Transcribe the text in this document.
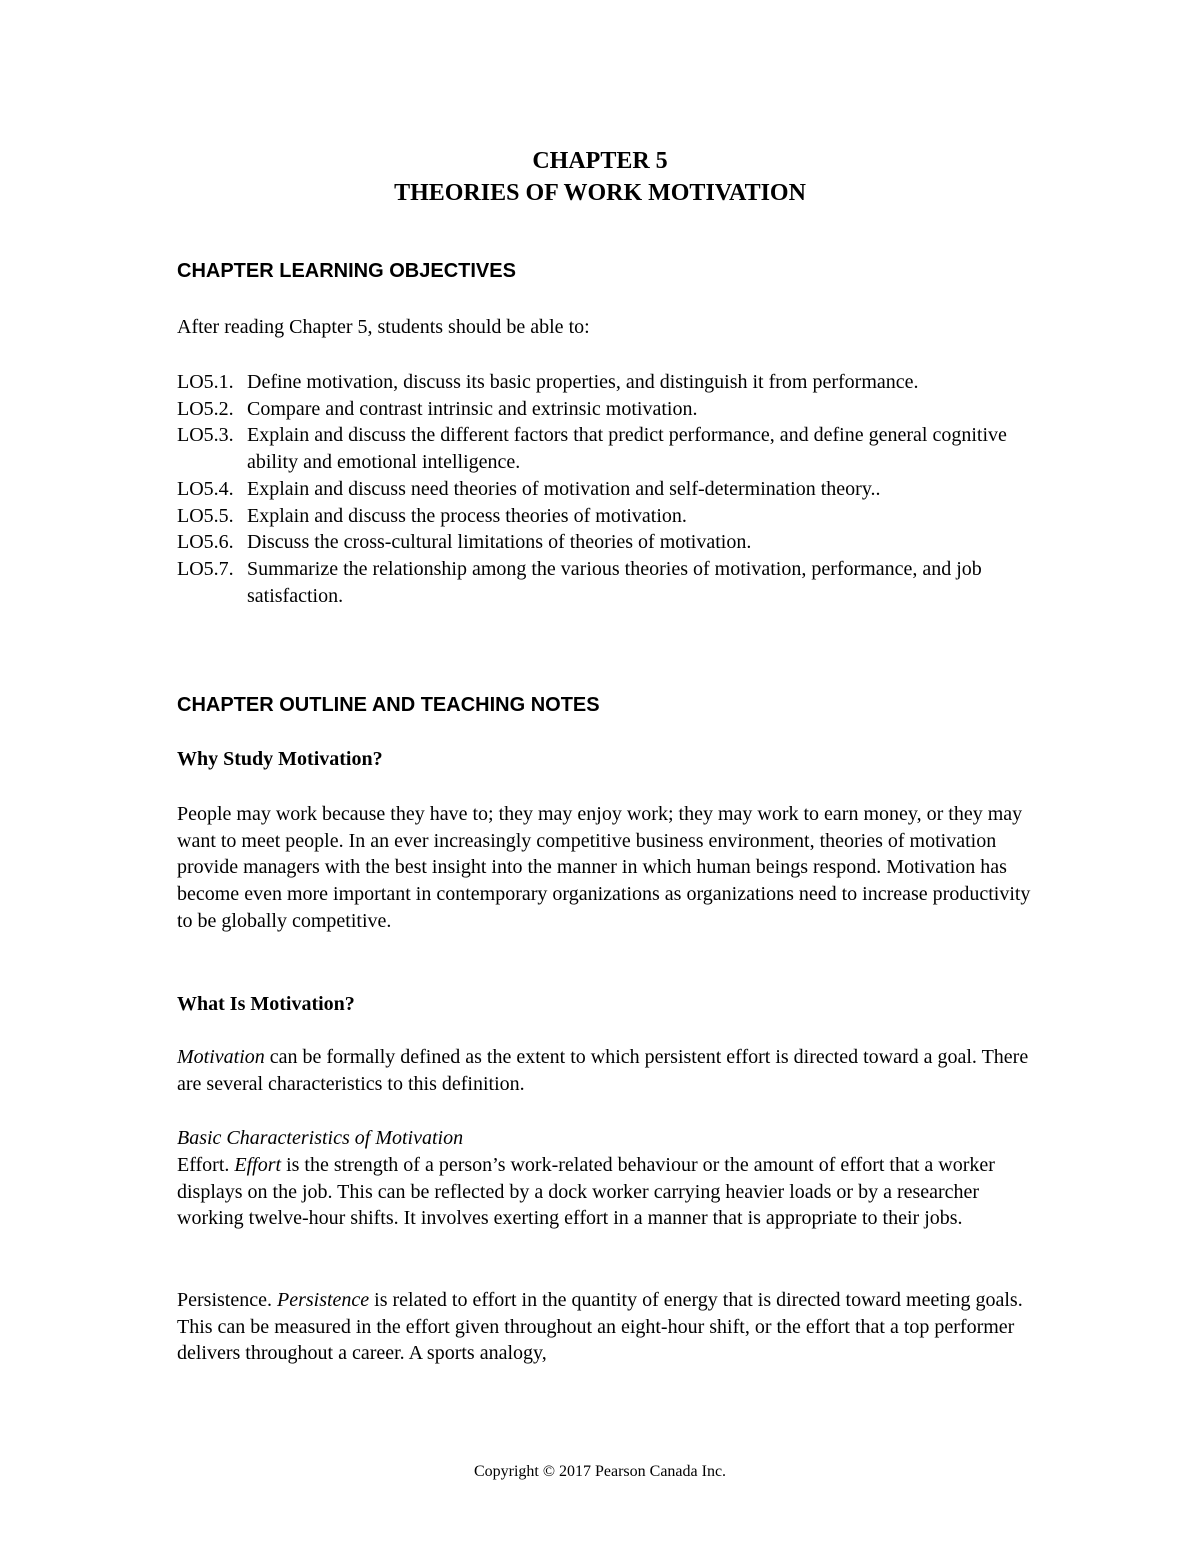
CHAPTER 5
THEORIES OF WORK MOTIVATION
CHAPTER LEARNING OBJECTIVES
After reading Chapter 5, students should be able to:
LO5.1. Define motivation, discuss its basic properties, and distinguish it from performance.
LO5.2. Compare and contrast intrinsic and extrinsic motivation.
LO5.3. Explain and discuss the different factors that predict performance, and define general cognitive ability and emotional intelligence.
LO5.4. Explain and discuss need theories of motivation and self-determination theory..
LO5.5. Explain and discuss the process theories of motivation.
LO5.6. Discuss the cross-cultural limitations of theories of motivation.
LO5.7. Summarize the relationship among the various theories of motivation, performance, and job satisfaction.
CHAPTER OUTLINE AND TEACHING NOTES
Why Study Motivation?
People may work because they have to; they may enjoy work; they may work to earn money, or they may want to meet people. In an ever increasingly competitive business environment, theories of motivation provide managers with the best insight into the manner in which human beings respond. Motivation has become even more important in contemporary organizations as organizations need to increase productivity to be globally competitive.
What Is Motivation?
Motivation can be formally defined as the extent to which persistent effort is directed toward a goal. There are several characteristics to this definition.
Basic Characteristics of Motivation
Effort. Effort is the strength of a person’s work-related behaviour or the amount of effort that a worker displays on the job. This can be reflected by a dock worker carrying heavier loads or by a researcher working twelve-hour shifts. It involves exerting effort in a manner that is appropriate to their jobs.
Persistence. Persistence is related to effort in the quantity of energy that is directed toward meeting goals. This can be measured in the effort given throughout an eight-hour shift, or the effort that a top performer delivers throughout a career. A sports analogy,
Copyright © 2017 Pearson Canada Inc.
